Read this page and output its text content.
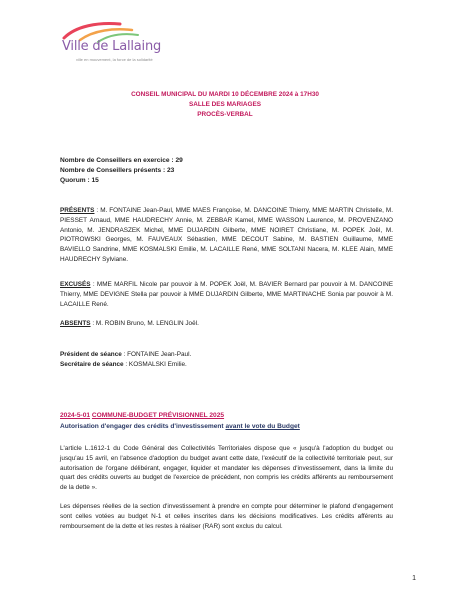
Ville de Lallaing
ville en mouvement, la force de la solidarité
CONSEIL MUNICIPAL DU MARDI 10 DÉCEMBRE 2024 à 17H30
SALLE DES MARIAGES
PROCÈS-VERBAL
Nombre de Conseillers en exercice : 29
Nombre de Conseillers présents : 23
Quorum : 15
PRÉSENTS : M. FONTAINE Jean-Paul, MME MAES Françoise, M. DANCOINE Thierry, MME MARTIN Christelle, M. PIESSET Arnaud, MME HAUDRECHY Annie, M. ZEBBAR Kamel, MME WASSON Laurence, M. PROVENZANO Antonio, M. JENDRASZEK Michel, MME DUJARDIN Gilberte, MME NOIRET Christiane, M. POPEK Joël, M. PIOTROWSKI Georges, M. FAUVEAUX Sébastien, MME DECOUT Sabine, M. BASTIEN Guillaume, MME BAVIELLO Sandrine, MME KOSMALSKI Emilie, M. LACAILLE René, MME SOLTANI Nacera, M. KLEE Alain, MME HAUDRECHY Sylviane.
EXCUSÉS : MME MARFIL Nicole par pouvoir à M. POPEK Joël, M. BAVIER Bernard par pouvoir à M. DANCOINE Thierry, MME DEVIGNE Stella par pouvoir à MME DUJARDIN Gilberte, MME MARTINACHE Sonia par pouvoir à M. LACAILLE René.
ABSENTS : M. ROBIN Bruno, M. LENGLIN Joël.
Président de séance : FONTAINE Jean-Paul.
Secrétaire de séance : KOSMALSKI Emilie.
2024-5-01 COMMUNE-BUDGET PRÉVISIONNEL 2025
Autorisation d'engager des crédits d'investissement avant le vote du Budget
L'article L.1612-1 du Code Général des Collectivités Territoriales dispose que « jusqu'à l'adoption du budget ou jusqu'au 15 avril, en l'absence d'adoption du budget avant cette date, l'exécutif de la collectivité territoriale peut, sur autorisation de l'organe délibérant, engager, liquider et mandater les dépenses d'investissement, dans la limite du quart des crédits ouverts au budget de l'exercice de précédent, non compris les crédits afférents au remboursement de la dette ».
Les dépenses réelles de la section d'investissement à prendre en compte pour déterminer le plafond d'engagement sont celles votées au budget N-1 et celles inscrites dans les décisions modificatives. Les crédits afférents au remboursement de la dette et les restes à réaliser (RAR) sont exclus du calcul.
1
